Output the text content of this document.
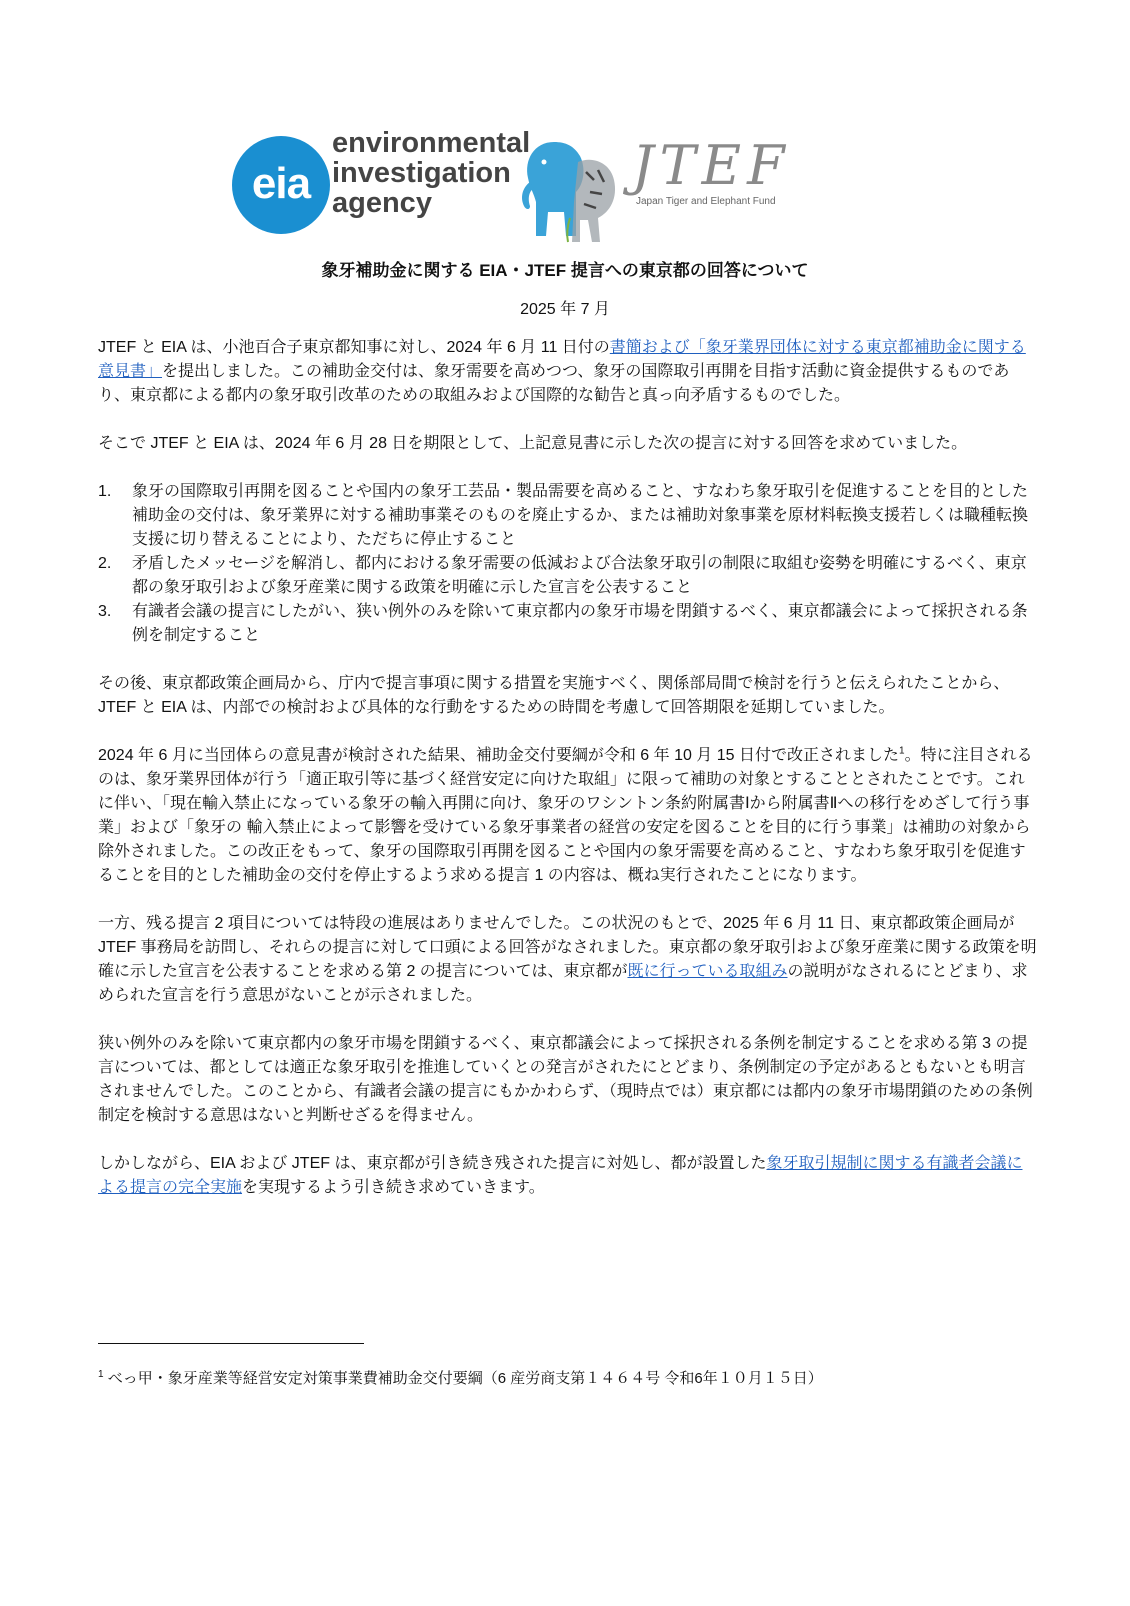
eia
environmental
investigation
agency
JTEF
Japan Tiger and Elephant Fund
象牙補助金に関する EIA・JTEF 提言への東京都の回答について
2025 年 7 月

JTEF と EIA は、小池百合子東京都知事に対し、2024 年 6 月 11 日付の書簡および「象牙業界団体に対する東京都補助金に関する意見書」を提出しました。この補助金交付は、象牙需要を高めつつ、象牙の国際取引再開を目指す活動に資金提供するものであり、東京都による都内の象牙取引改革のための取組みおよび国際的な勧告と真っ向矛盾するものでした。

そこで JTEF と EIA は、2024 年 6 月 28 日を期限として、上記意見書に示した次の提言に対する回答を求めていました。

1. 象牙の国際取引再開を図ることや国内の象牙工芸品・製品需要を高めること、すなわち象牙取引を促進することを目的とした補助金の交付は、象牙業界に対する補助事業そのものを廃止するか、または補助対象事業を原材料転換支援若しくは職種転換支援に切り替えることにより、ただちに停止すること
2. 矛盾したメッセージを解消し、都内における象牙需要の低減および合法象牙取引の制限に取組む姿勢を明確にするべく、東京都の象牙取引および象牙産業に関する政策を明確に示した宣言を公表すること
3. 有識者会議の提言にしたがい、狭い例外のみを除いて東京都内の象牙市場を閉鎖するべく、東京都議会によって採択される条例を制定すること

その後、東京都政策企画局から、庁内で提言事項に関する措置を実施すべく、関係部局間で検討を行うと伝えられたことから、JTEF と EIA は、内部での検討および具体的な行動をするための時間を考慮して回答期限を延期していました。

2024 年 6 月に当団体らの意見書が検討された結果、補助金交付要綱が令和 6 年 10 月 15 日付で改正されました$^1$。特に注目されるのは、象牙業界団体が行う「適正取引等に基づく経営安定に向けた取組」に限って補助の対象とすることとされたことです。これに伴い、「現在輸入禁止になっている象牙の輸入再開に向け、象牙のワシントン条約附属書Ⅰから附属書Ⅱへの移行をめざして行う事業」および「象牙の 輸入禁止によって影響を受けている象牙事業者の経営の安定を図ることを目的に行う事業」は補助の対象から除外されました。この改正をもって、象牙の国際取引再開を図ることや国内の象牙需要を高めること、すなわち象牙取引を促進することを目的とした補助金の交付を停止するよう求める提言 1 の内容は、概ね実行されたことになります。

一方、残る提言 2 項目については特段の進展はありませんでした。この状況のもとで、2025 年 6 月 11 日、東京都政策企画局が JTEF 事務局を訪問し、それらの提言に対して口頭による回答がなされました。東京都の象牙取引および象牙産業に関する政策を明確に示した宣言を公表することを求める第 2 の提言については、東京都が既に行っている取組みの説明がなされるにとどまり、求められた宣言を行う意思がないことが示されました。

狭い例外のみを除いて東京都内の象牙市場を閉鎖するべく、東京都議会によって採択される条例を制定することを求める第 3 の提言については、都としては適正な象牙取引を推進していくとの発言がされたにとどまり、条例制定の予定があるともないとも明言されませんでした。このことから、有識者会議の提言にもかかわらず、（現時点では）東京都には都内の象牙市場閉鎖のための条例制定を検討する意思はないと判断せざるを得ません。

しかしながら、EIA および JTEF は、東京都が引き続き残された提言に対処し、都が設置した象牙取引規制に関する有識者会議による提言の完全実施を実現するよう引き続き求めていきます。

$^1$ べっ甲・象牙産業等経営安定対策事業費補助金交付要綱（6 産労商支第１４６４号 令和6年１０月１５日）
